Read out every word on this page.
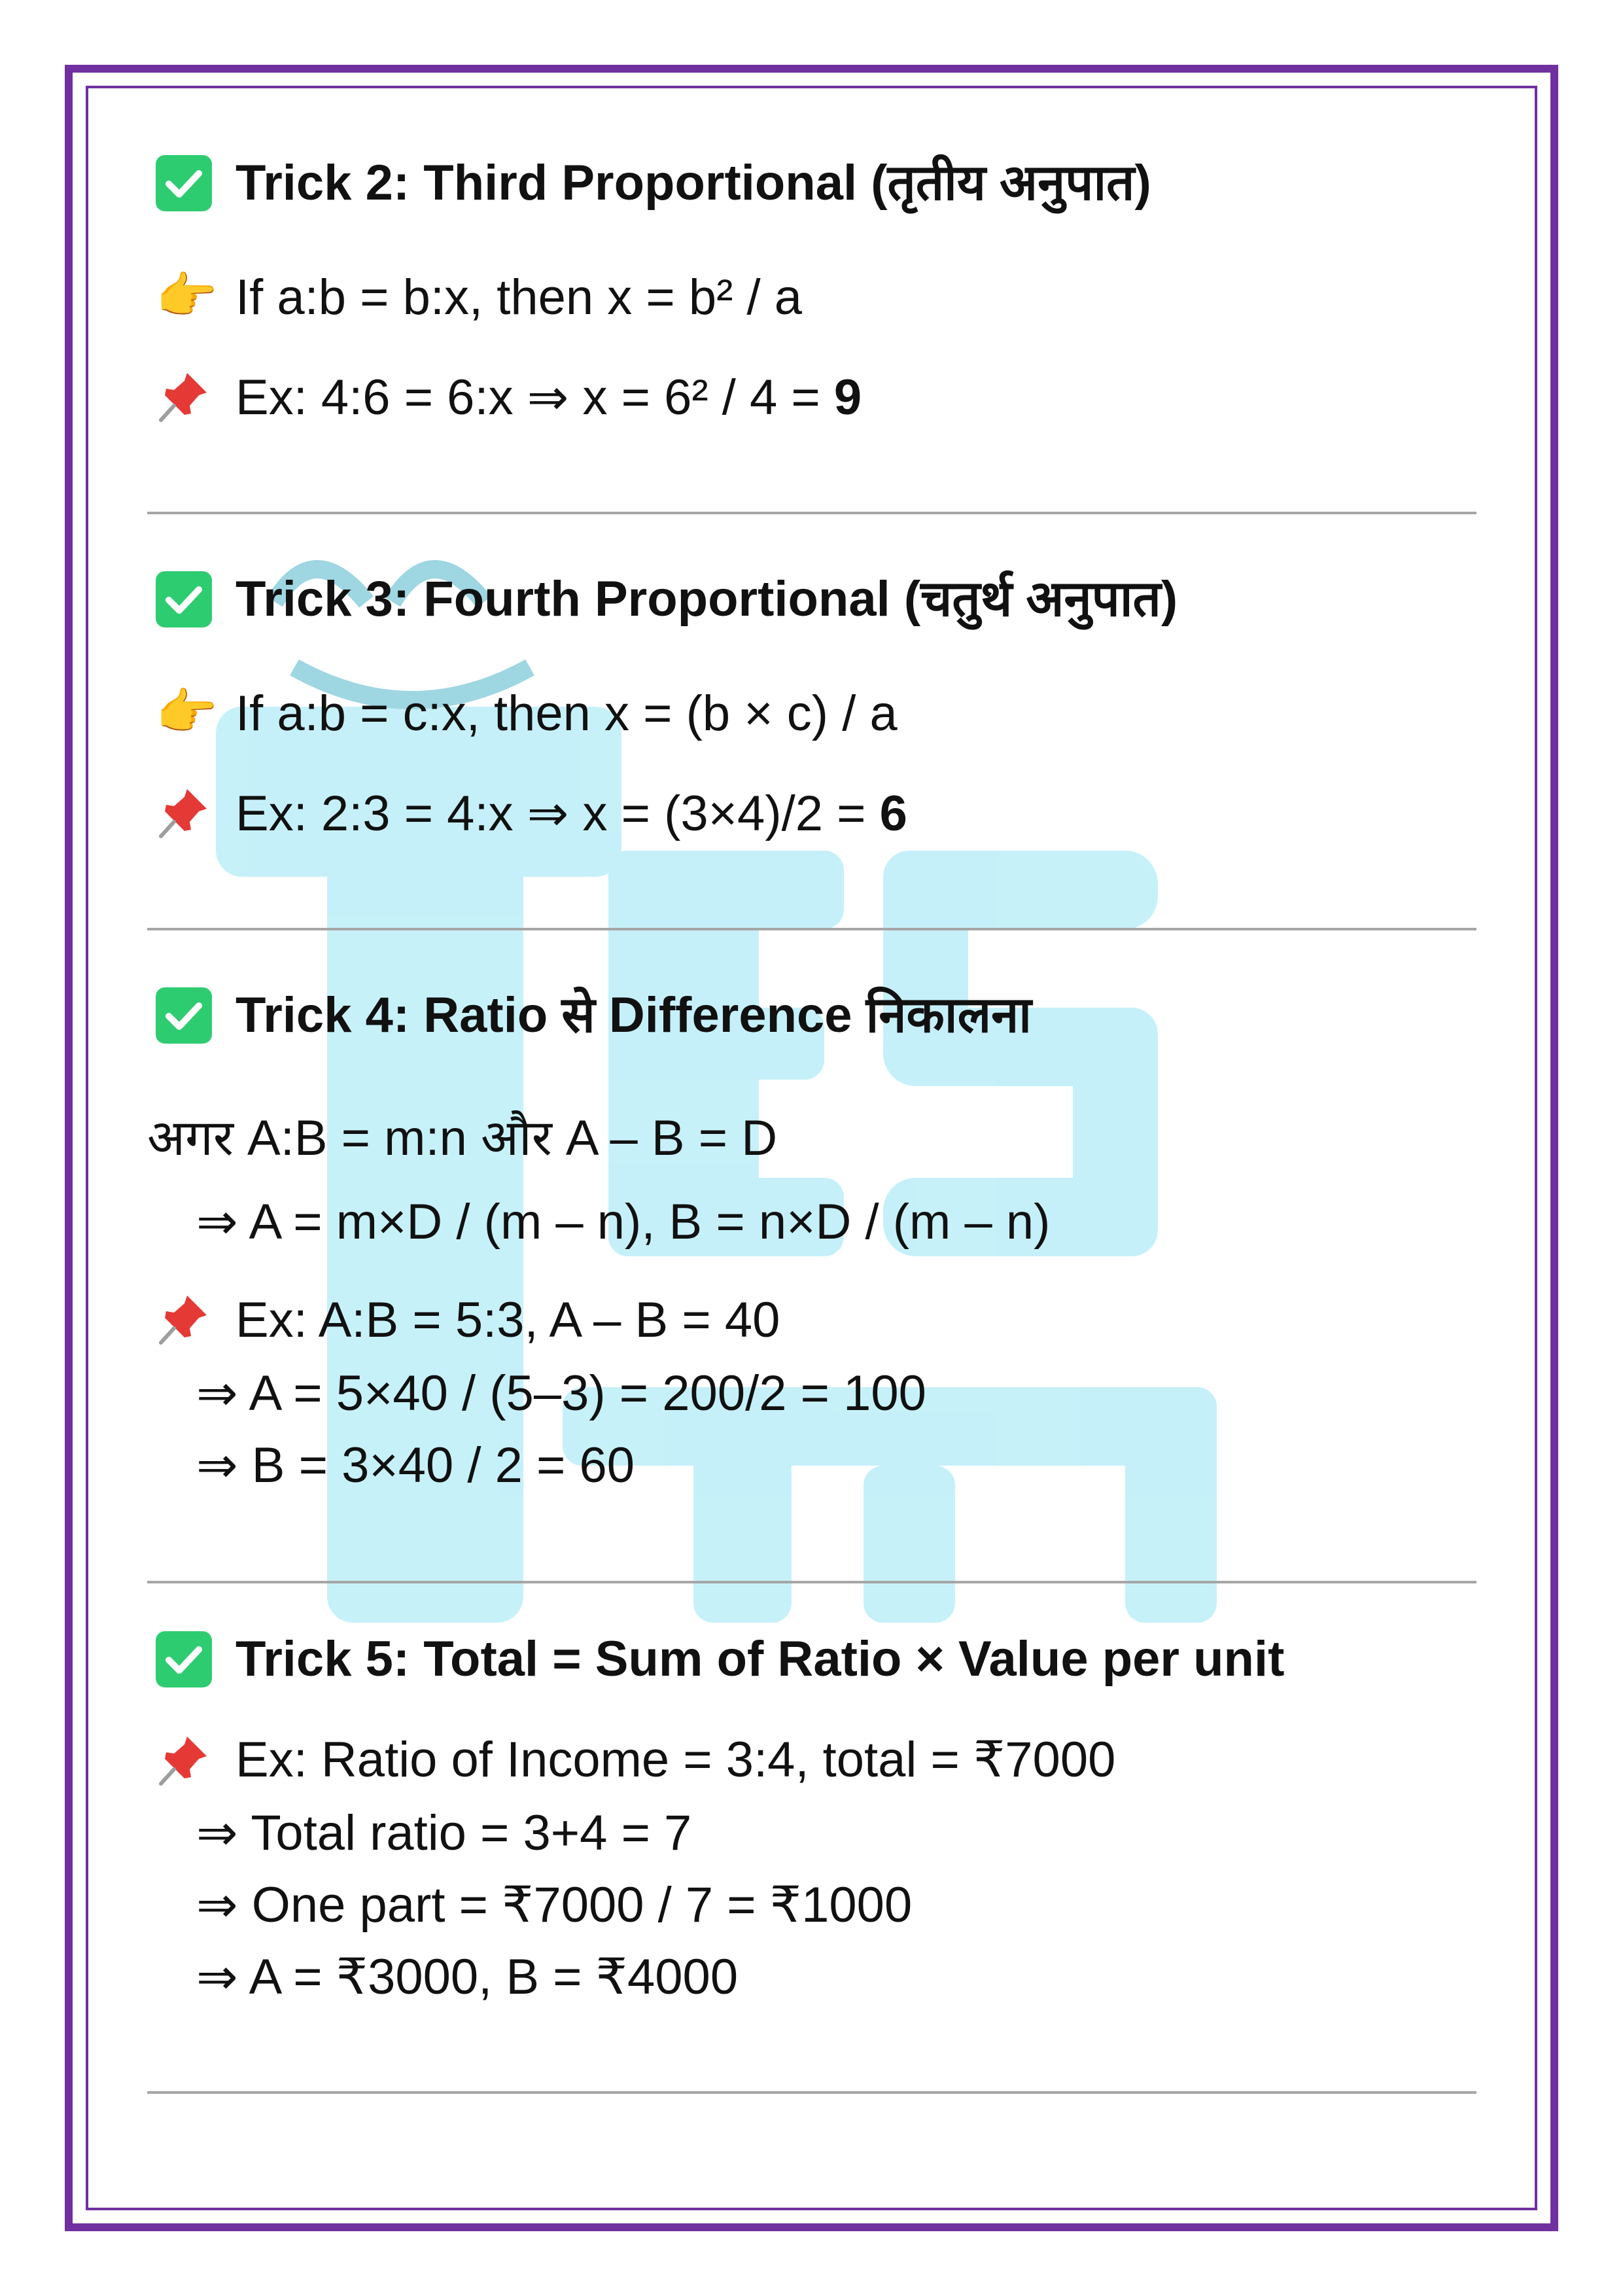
Trick 2: Third Proportional (तृतीय अनुपात)
👉 If a:b = b:x, then x = b² / a
Ex: 4:6 = 6:x ⇒ x = 6² / 4 = 9
Trick 3: Fourth Proportional (चतुर्थ अनुपात)
👉 If a:b = c:x, then x = (b × c) / a
Ex: 2:3 = 4:x ⇒ x = (3×4)/2 = 6
Trick 4: Ratio से Difference निकालना
अगर A:B = m:n और A – B = D
⇒ A = m×D / (m – n), B = n×D / (m – n)
Ex: A:B = 5:3, A – B = 40
⇒ A = 5×40 / (5–3) = 200/2 = 100
⇒ B = 3×40 / 2 = 60
Trick 5: Total = Sum of Ratio × Value per unit
Ex: Ratio of Income = 3:4, total = ₹7000
⇒ Total ratio = 3+4 = 7
⇒ One part = ₹7000 / 7 = ₹1000
⇒ A = ₹3000, B = ₹4000
